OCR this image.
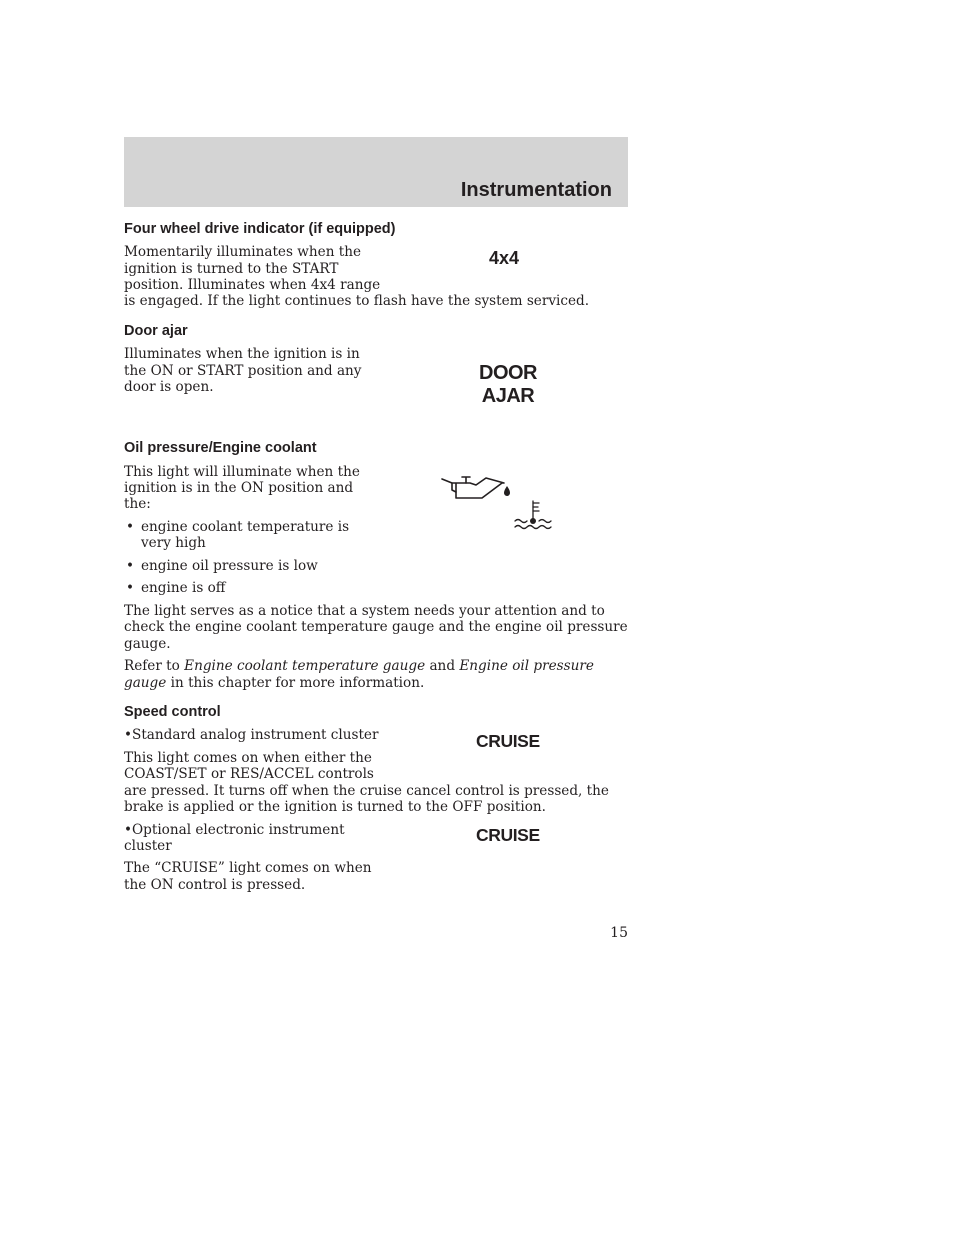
Instrumentation

Four wheel drive indicator (if equipped)

Momentarily illuminates when the

ignition is turned to the START

position. Illuminates when 4x4 range

is engaged. If the light continues to flash have the system serviced.

4x4

Door ajar

Illuminates when the ignition is in

the ON or START position and any

door is open.

DOOR
AJAR

Oil pressure/Engine coolant

This light will illuminate when the

ignition is in the ON position and

the:

• engine coolant temperature is
very high
• engine oil pressure is low
• engine is off

The light serves as a notice that a system needs your attention and to

check the engine coolant temperature gauge and the engine oil pressure

gauge.

Refer to Engine coolant temperature gauge and Engine oil pressure

gauge in this chapter for more information.

Speed control

•Standard analog instrument cluster

This light comes on when either the

COAST/SET or RES/ACCEL controls

are pressed. It turns off when the cruise cancel control is pressed, the

brake is applied or the ignition is turned to the OFF position.

CRUISE

•Optional electronic instrument

cluster

The “CRUISE” light comes on when

the ON control is pressed.

CRUISE

15
